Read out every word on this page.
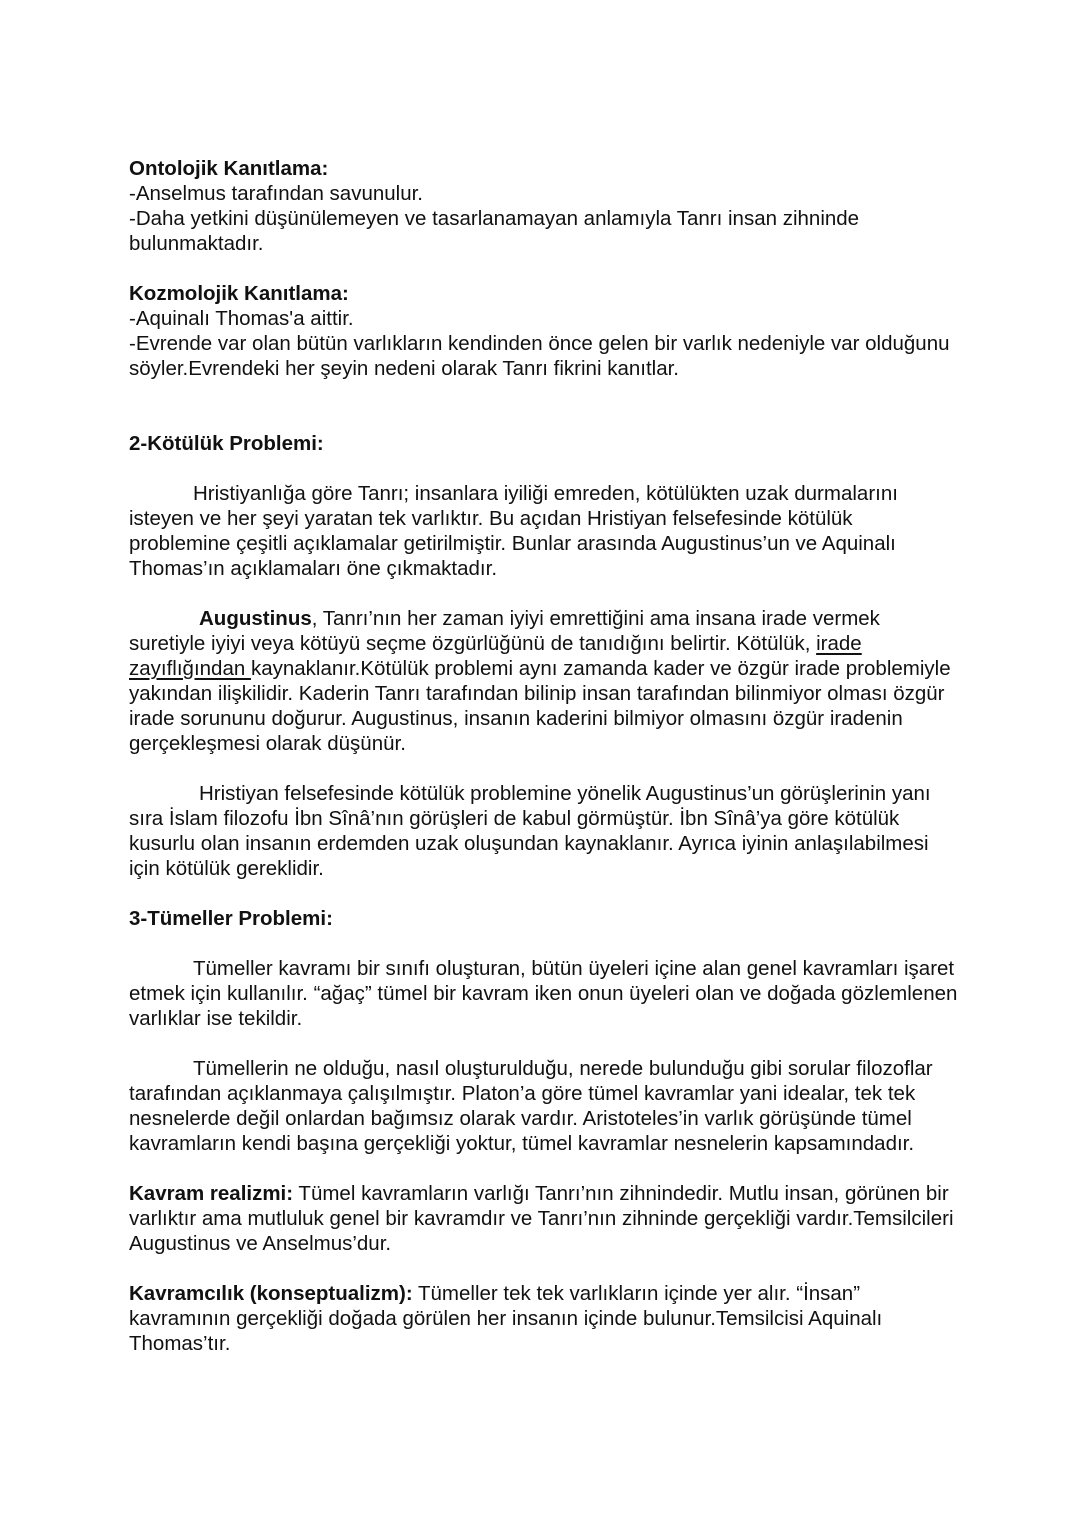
Ontolojik Kanıtlama:

-Anselmus tarafından savunulur.

-Daha yetkini düşünülemeyen ve tasarlanamayan anlamıyla Tanrı insan zihninde bulunmaktadır.

Kozmolojik Kanıtlama:

-Aquinalı Thomas'a aittir.

-Evrende var olan bütün varlıkların kendinden önce gelen bir varlık nedeniyle var olduğunu söyler.Evrendeki her şeyin nedeni olarak Tanrı fikrini kanıtlar.

2-Kötülük Problemi:

Hristiyanlığa göre Tanrı; insanlara iyiliği emreden, kötülükten uzak durmalarını isteyen ve her şeyi yaratan tek varlıktır. Bu açıdan Hristiyan felsefesinde kötülük problemine çeşitli açıklamalar getirilmiştir. Bunlar arasında Augustinus’un ve Aquinalı Thomas’ın açıklamaları öne çıkmaktadır.

Augustinus, Tanrı’nın her zaman iyiyi emrettiğini ama insana irade vermek suretiyle iyiyi veya kötüyü seçme özgürlüğünü de tanıdığını belirtir. Kötülük, irade zayıflığından kaynaklanır.Kötülük problemi aynı zamanda kader ve özgür irade problemiyle yakından ilişkilidir. Kaderin Tanrı tarafından bilinip insan tarafından bilinmiyor olması özgür irade sorununu doğurur. Augustinus, insanın kaderini bilmiyor olmasını özgür iradenin gerçekleşmesi olarak düşünür.

Hristiyan felsefesinde kötülük problemine yönelik Augustinus’un görüşlerinin yanı sıra İslam filozofu İbn Sînâ’nın görüşleri de kabul görmüştür. İbn Sînâ’ya göre kötülük kusurlu olan insanın erdemden uzak oluşundan kaynaklanır. Ayrıca iyinin anlaşılabilmesi için kötülük gereklidir.

3-Tümeller Problemi:

Tümeller kavramı bir sınıfı oluşturan, bütün üyeleri içine alan genel kavramları işaret etmek için kullanılır. “ağaç” tümel bir kavram iken onun üyeleri olan ve doğada gözlemlenen varlıklar ise tekildir.

Tümellerin ne olduğu, nasıl oluşturulduğu, nerede bulunduğu gibi sorular filozoflar tarafından açıklanmaya çalışılmıştır. Platon’a göre tümel kavramlar yani idealar, tek tek nesnelerde değil onlardan bağımsız olarak vardır. Aristoteles’in varlık görüşünde tümel kavramların kendi başına gerçekliği yoktur, tümel kavramlar nesnelerin kapsamındadır.

Kavram realizmi: Tümel kavramların varlığı Tanrı’nın zihnindedir. Mutlu insan, görünen bir varlıktır ama mutluluk genel bir kavramdır ve Tanrı’nın zihninde gerçekliği vardır.Temsilcileri Augustinus ve Anselmus’dur.

Kavramcılık (konseptualizm): Tümeller tek tek varlıkların içinde yer alır. “İnsan” kavramının gerçekliği doğada görülen her insanın içinde bulunur.Temsilcisi Aquinalı Thomas’tır.
